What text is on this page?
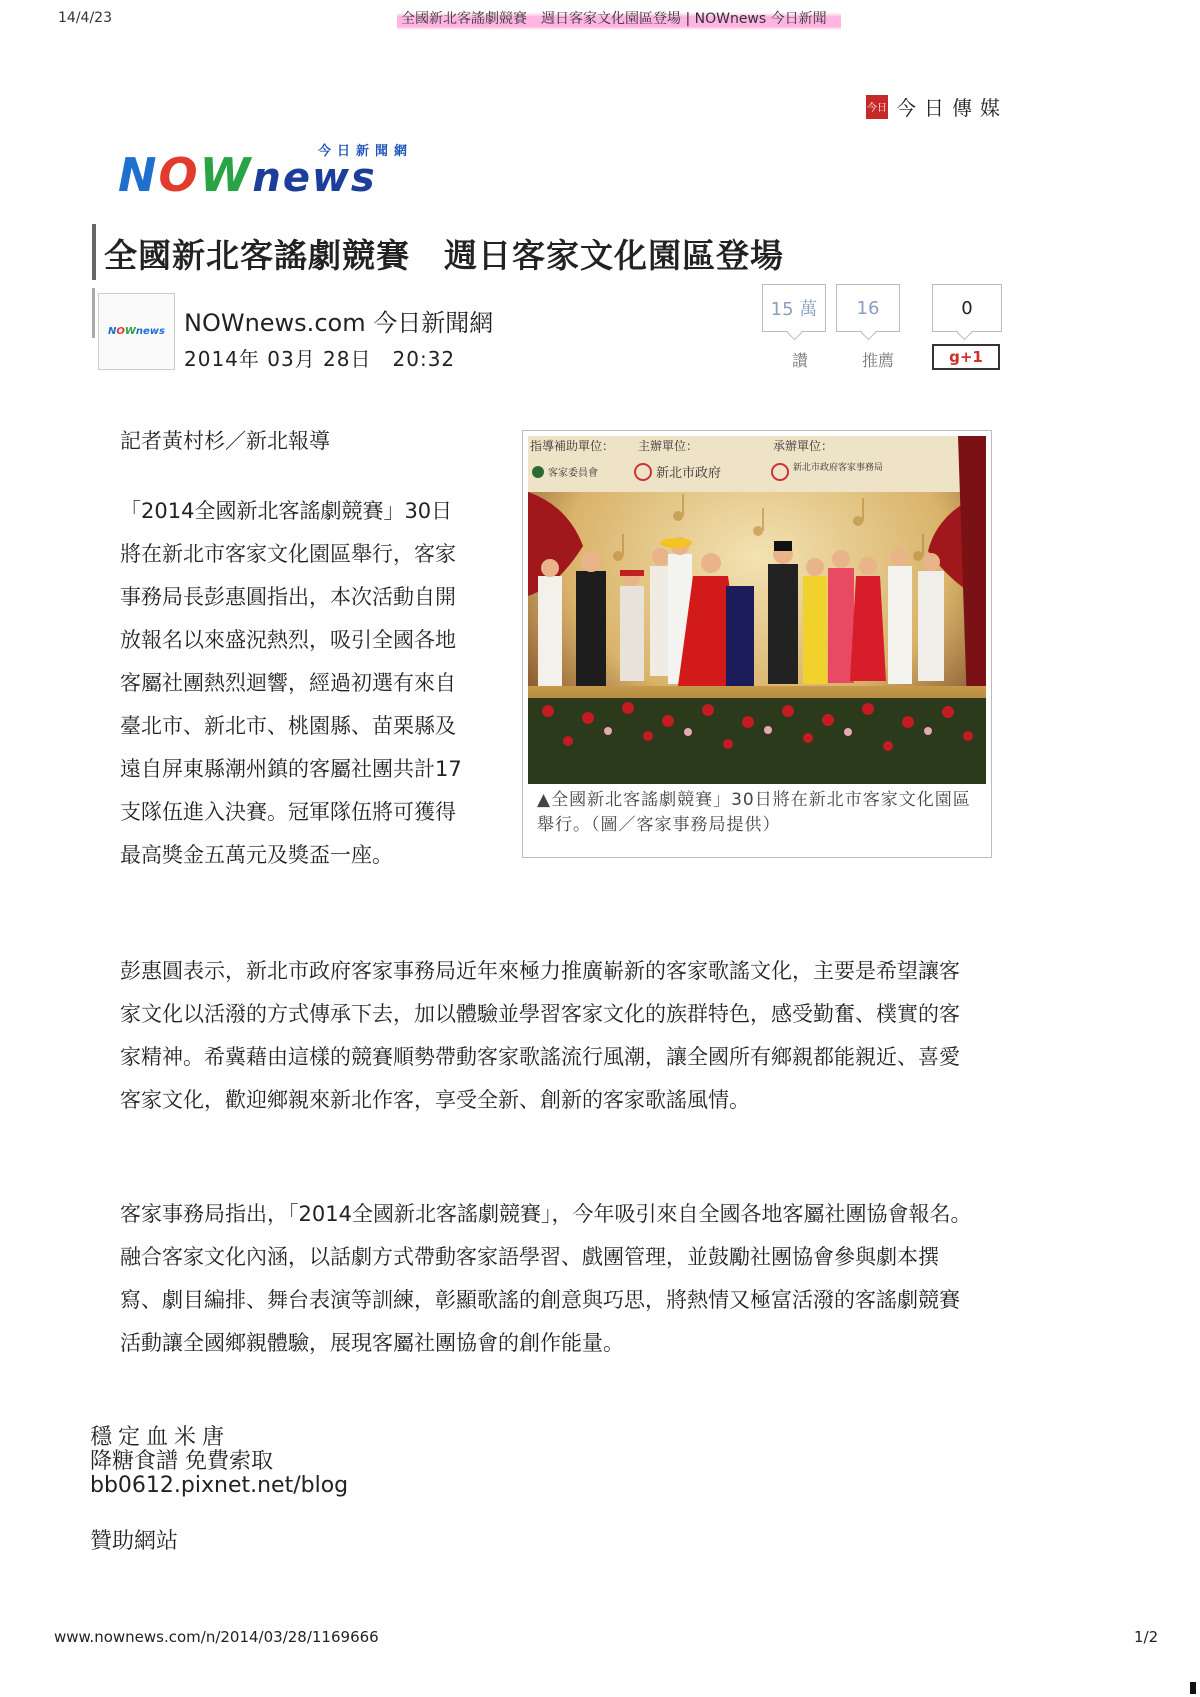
14/4/23	全國新北客謠劇競賽　週日客家文化園區登場 | NOWnews 今日新聞
今日 今日傳媒
今日新聞網
NOWnews
全國新北客謠劇競賽　週日客家文化園區登場
N O W news NOWnews.com 今日新聞網
2014年 03月 28日　20:32
15 萬	16	0
讚	推薦	g+1

記者黃村杉／新北報導

「2014全國新北客謠劇競賽」30日將在新北市客家文化園區舉行，客家事務局長彭惠圓指出，本次活動自開放報名以來盛況熱烈，吸引全國各地客屬社團熱烈迴響，經過初選有來自臺北市、新北市、桃園縣、苗栗縣及遠自屏東縣潮州鎮的客屬社團共計17支隊伍進入決賽。冠軍隊伍將可獲得最高獎金五萬元及獎盃一座。

指導補助單位： 主辦單位：	承辦單位：
客家委員會	新北市政府	新北市政府客家事務局
▲全國新北客謠劇競賽」30日將在新北市客家文化園區舉行。（圖／客家事務局提供）

彭惠圓表示，新北市政府客家事務局近年來極力推廣嶄新的客家歌謠文化，主要是希望讓客家文化以活潑的方式傳承下去，加以體驗並學習客家文化的族群特色，感受勤奮、樸實的客家精神。希冀藉由這樣的競賽順勢帶動客家歌謠流行風潮，讓全國所有鄉親都能親近、喜愛客家文化，歡迎鄉親來新北作客，享受全新、創新的客家歌謠風情。

客家事務局指出，「2014全國新北客謠劇競賽」，今年吸引來自全國各地客屬社團協會報名。融合客家文化內涵，以話劇方式帶動客家語學習、戲團管理，並鼓勵社團協會參與劇本撰寫、劇目編排、舞台表演等訓練，彰顯歌謠的創意與巧思，將熱情又極富活潑的客謠劇競賽活動讓全國鄉親體驗，展現客屬社團協會的創作能量。

穩定血米唐
降糖食譜 免費索取
bb0612.pixnet.net/blog
贊助網站
www.nownews.com/n/2014/03/28/1169666	1/2
